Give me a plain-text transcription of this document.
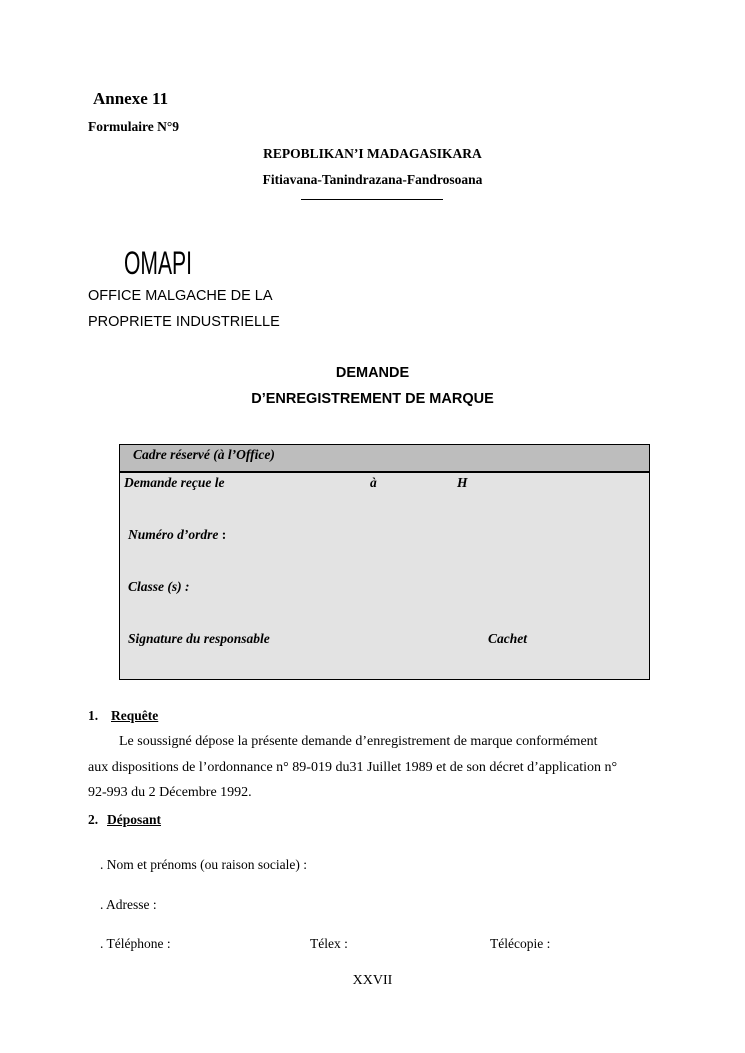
Annexe 11
Formulaire N°9
REPOBLIKAN’I MADAGASIKARA
Fitiavana-Tanindrazana-Fandrosoana
OMAPI
OFFICE MALGACHE DE LA
PROPRIETE INDUSTRIELLE
DEMANDE
D’ENREGISTREMENT DE MARQUE
Cadre réservé (à l’Office)
Demande reçue le	à	H
Numéro d’ordre :
Classe (s) :
Signature du responsable	Cachet
1. Requête
Le soussigné dépose la présente demande d’enregistrement de marque conformément
aux dispositions de l’ordonnance n° 89-019 du31 Juillet 1989 et de son décret d’application n°
92-993 du 2 Décembre 1992.
2. Déposant
. Nom et prénoms (ou raison sociale) :
. Adresse :
. Téléphone :	Télex :	Télécopie :
XXVII
